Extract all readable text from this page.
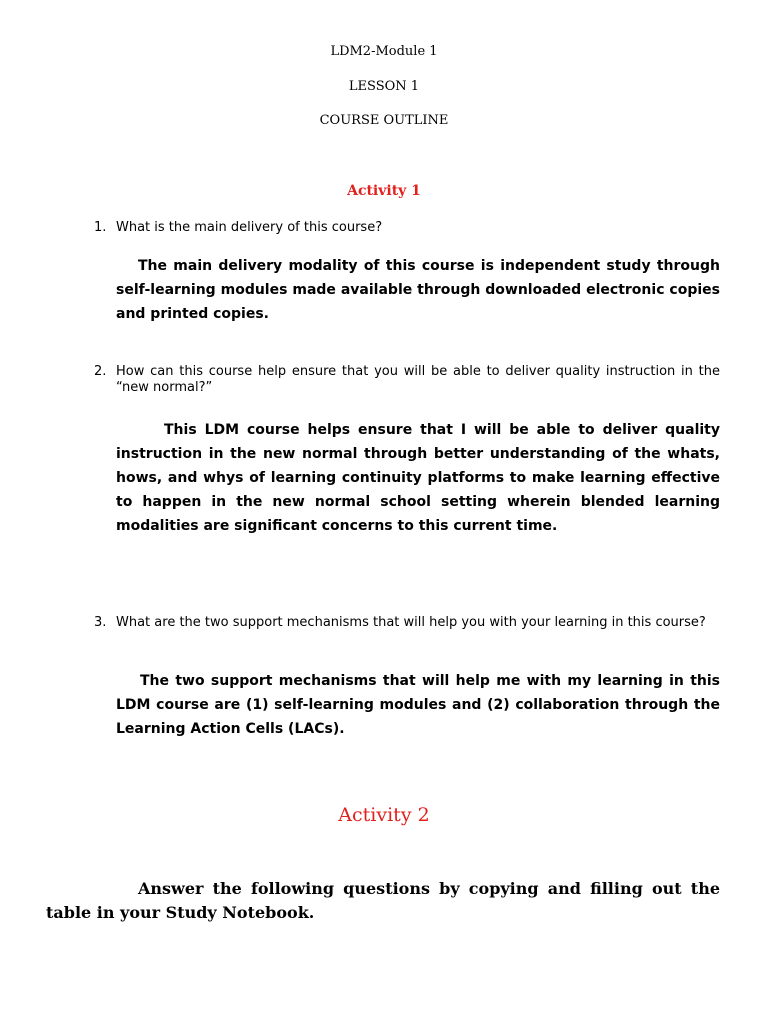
LDM2-Module 1
LESSON 1
COURSE OUTLINE
Activity 1
1. What is the main delivery of this course?
The main delivery modality of this course is independent study through self-learning modules made available through downloaded electronic copies and printed copies.
2. How can this course help ensure that you will be able to deliver quality instruction in the “new normal?”
This LDM course helps ensure that I will be able to deliver quality instruction in the new normal through better understanding of the whats, hows, and whys of learning continuity platforms to make learning effective to happen in the new normal school setting wherein blended learning modalities are significant concerns to this current time.
3. What are the two support mechanisms that will help you with your learning in this course?
The two support mechanisms that will help me with my learning in this LDM course are (1) self-learning modules and (2) collaboration through the Learning Action Cells (LACs).
Activity 2
Answer the following questions by copying and filling out the table in your Study Notebook.
